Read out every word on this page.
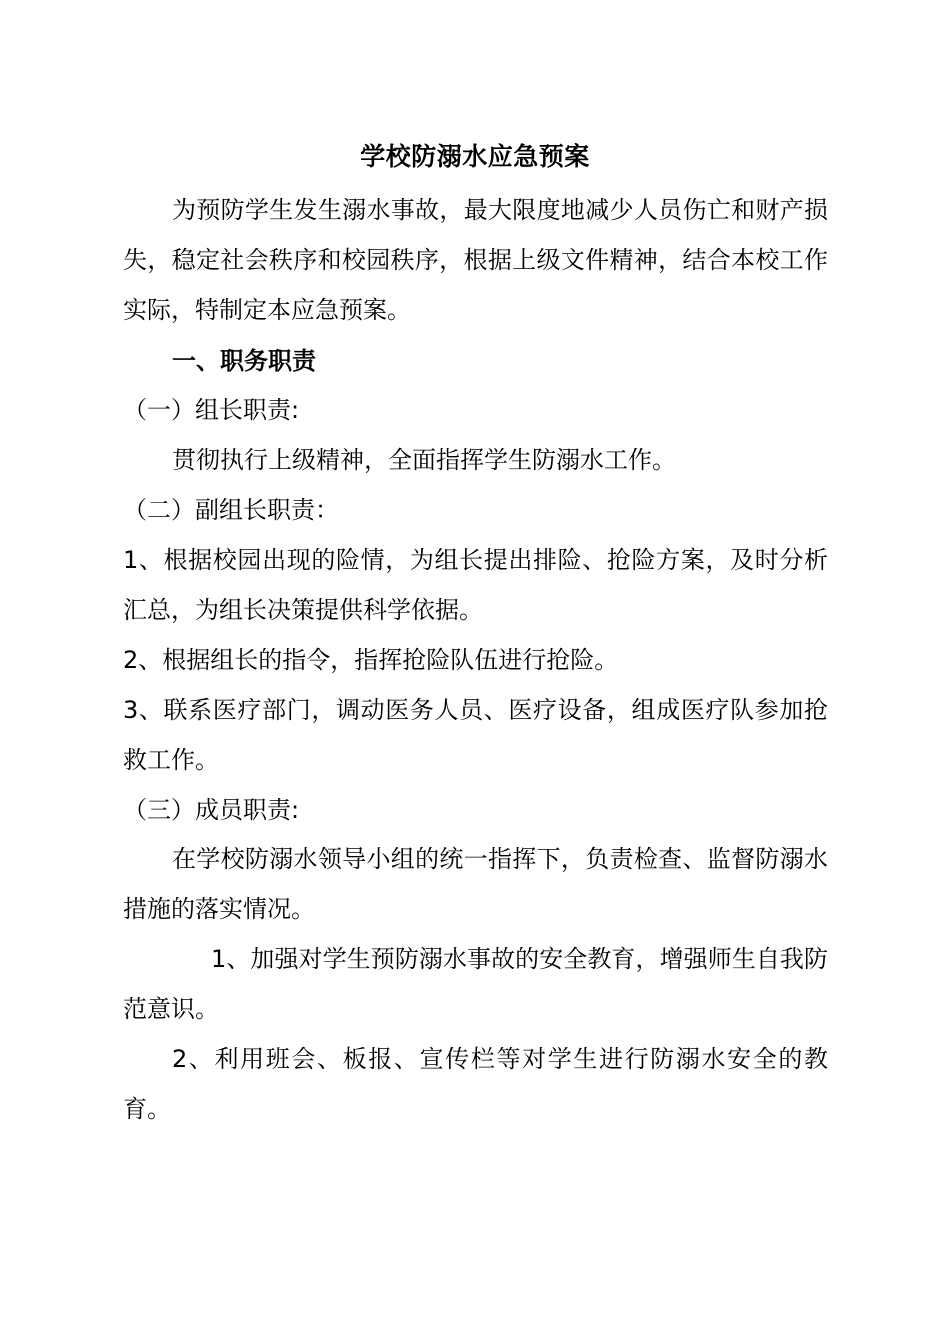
学校防溺水应急预案
为预防学生发生溺水事故，最大限度地减少人员伤亡和财产损失，稳定社会秩序和校园秩序，根据上级文件精神，结合本校工作实际，特制定本应急预案。
一、职务职责
（一）组长职责:
贯彻执行上级精神，全面指挥学生防溺水工作。
（二）副组长职责：
1、根据校园出现的险情，为组长提出排险、抢险方案，及时分析汇总，为组长决策提供科学依据。
2、根据组长的指令，指挥抢险队伍进行抢险。
3、联系医疗部门，调动医务人员、医疗设备，组成医疗队参加抢救工作。
（三）成员职责:
在学校防溺水领导小组的统一指挥下，负责检查、监督防溺水措施的落实情况。
1、加强对学生预防溺水事故的安全教育，增强师生自我防范意识。
2、利用班会、板报、宣传栏等对学生进行防溺水安全的教育。
